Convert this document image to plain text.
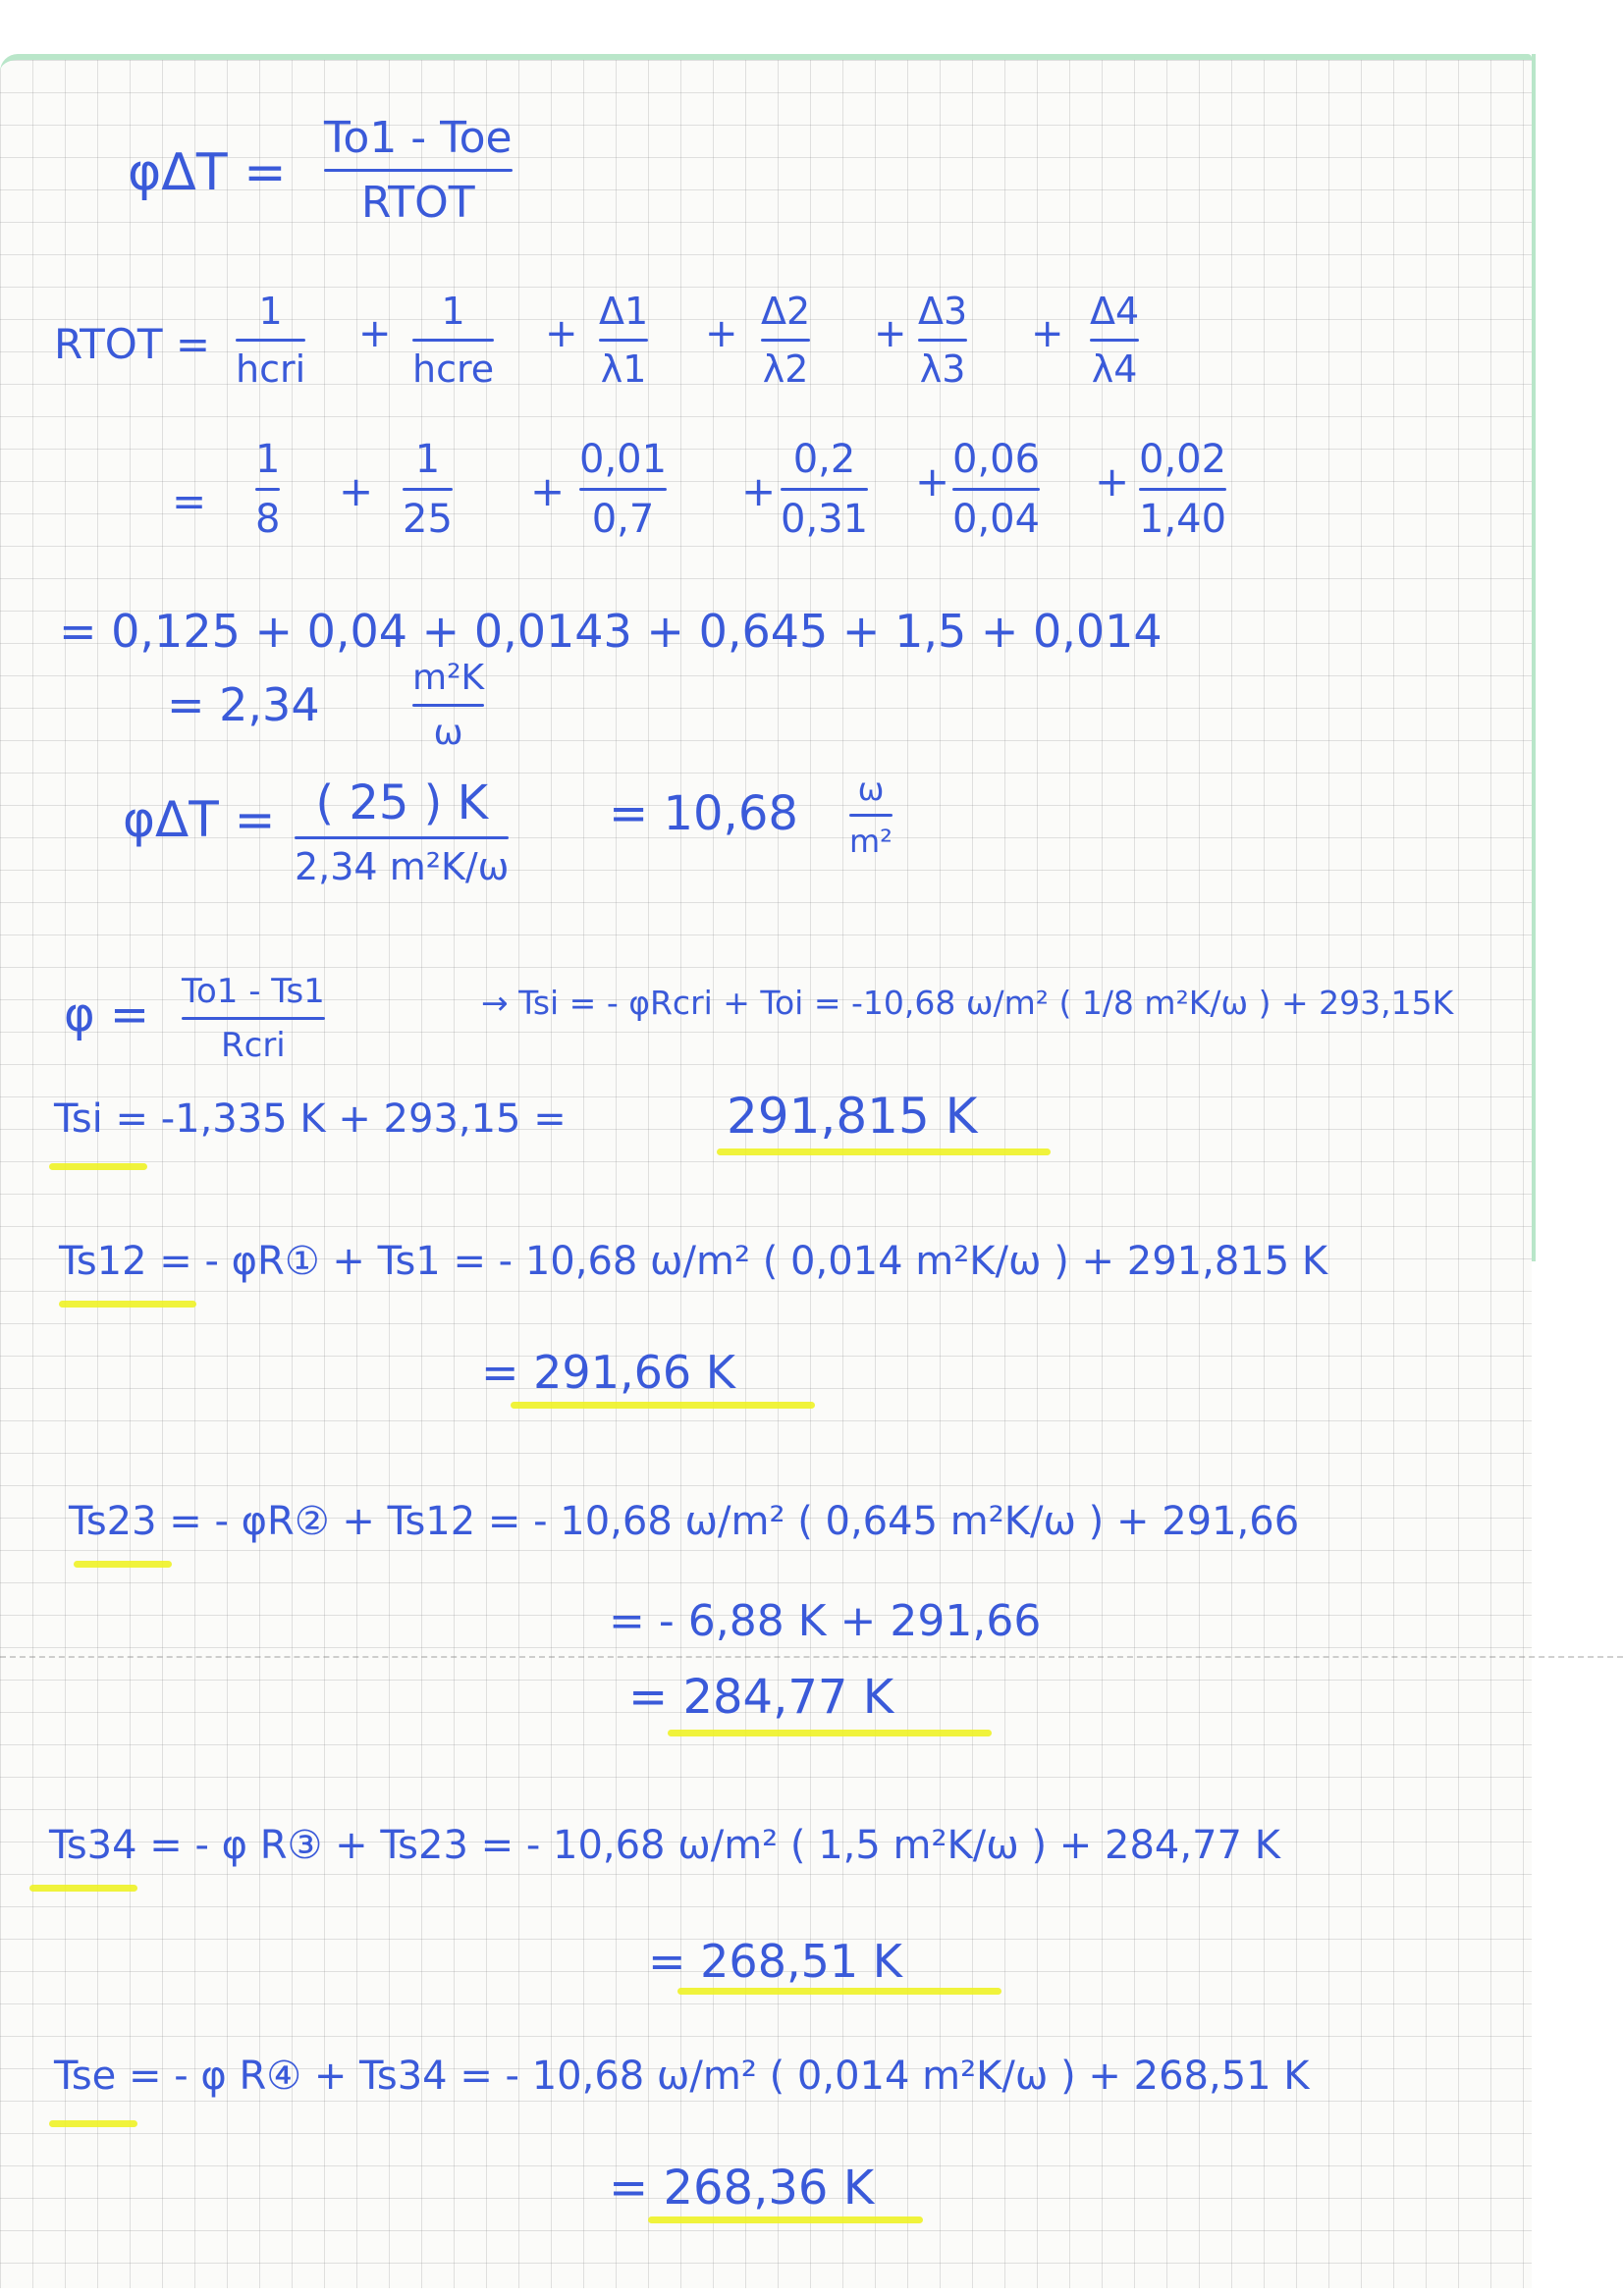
φΔT =
To1 - Toe
RTOT
RTOT =
1
hcri
+ 1
hcre
+ Δ1
λ1
+ Δ2
λ2
+ Δ3
λ3
+ Δ4
λ4
=
1
8
+
1
25
+
0,01
0,7
+
0,2
0,31
+ 0,06
0,04
+ 0,02
1,40
= 0,125 + 0,04 + 0,0143 + 0,645 + 1,5 + 0,014
= 2,34
m²K
ω
φΔT = ( 25 ) K
2,34 m²K/ω
= 10,68 ω
m²
φ = To1 - Ts1
Rcri
→ Tsi = - φRcri + Toi = -10,68 ω/m² ( 1/8 m²K/ω ) + 293,15K
Tsi = -1,335 K + 293,15 =	291,815 K
Ts12 = - φR① + Ts1 = - 10,68 ω/m² ( 0,014 m²K/ω ) + 291,815 K
= 291,66 K
Ts23 = - φR② + Ts12 = - 10,68 ω/m² ( 0,645 m²K/ω ) + 291,66
= - 6,88 K + 291,66
= 284,77 K
Ts34 = - φ R③ + Ts23 = - 10,68 ω/m² ( 1,5 m²K/ω ) + 284,77 K
= 268,51 K
Tse = - φ R④ + Ts34 = - 10,68 ω/m² ( 0,014 m²K/ω ) + 268,51 K
= 268,36 K
